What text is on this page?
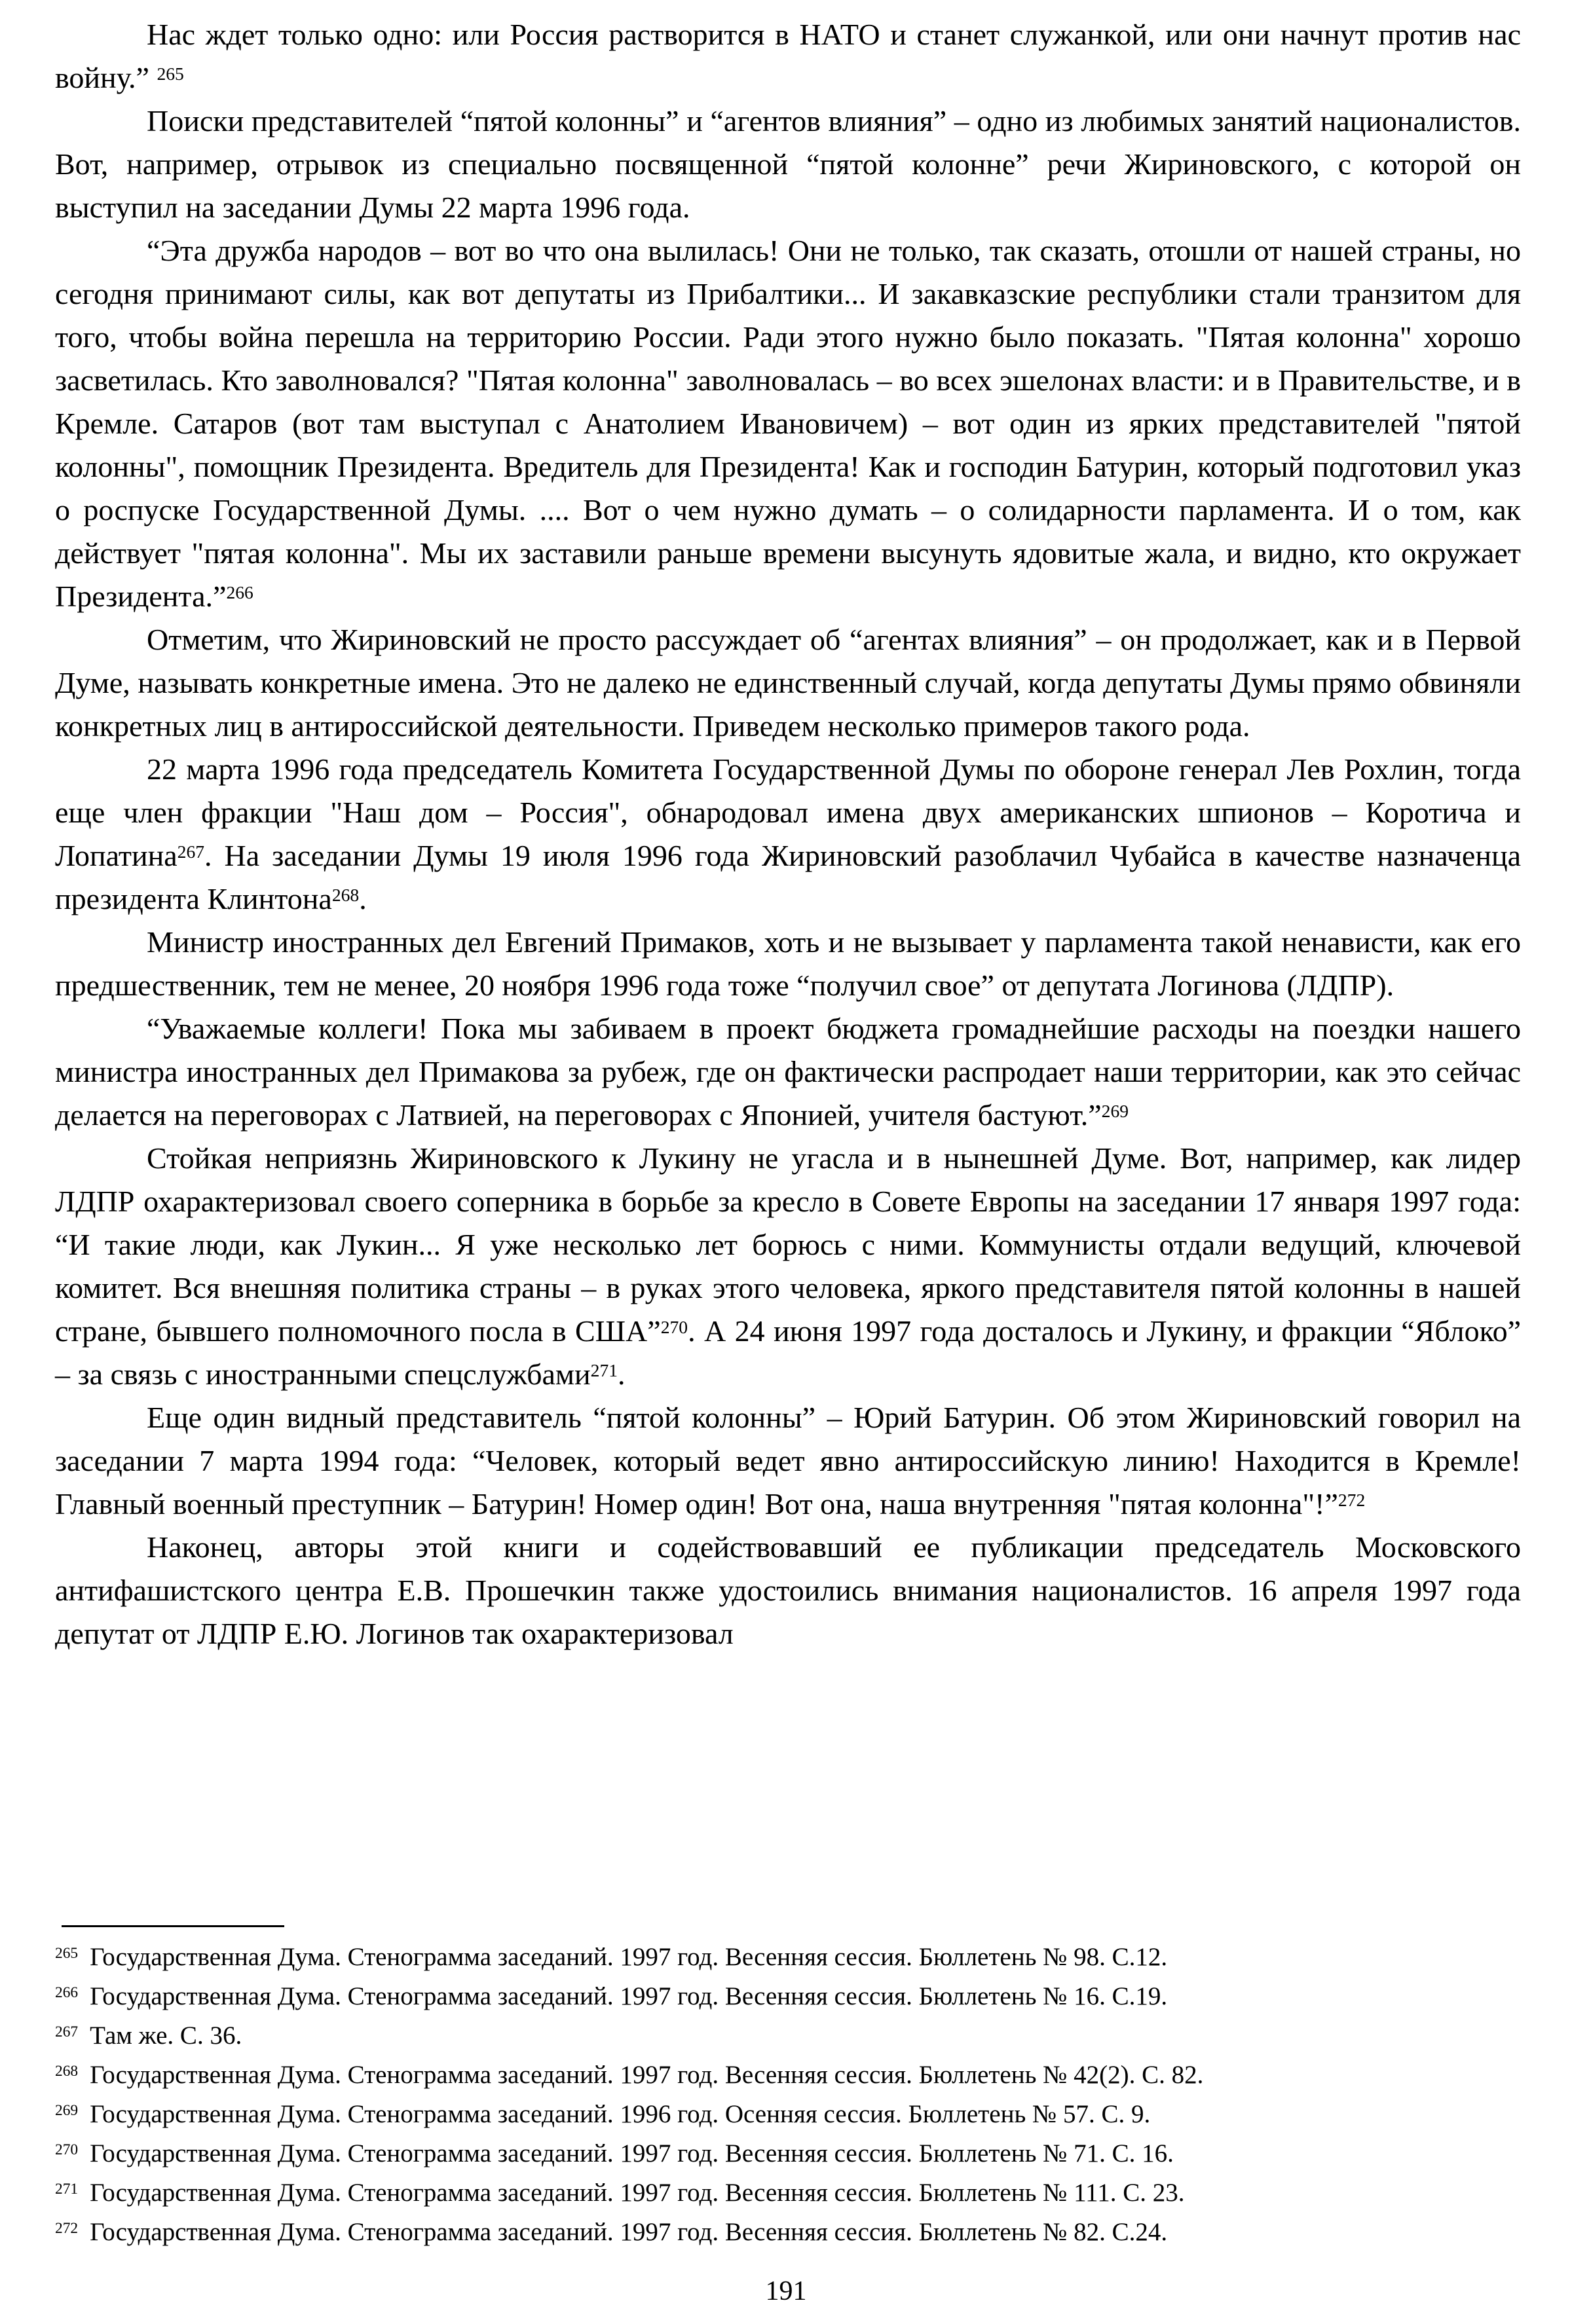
Нас ждет только одно: или Россия растворится в НАТО и станет служанкой, или они начнут против нас войну.” $^{265}$

Поиски представителей “пятой колонны” и “агентов влияния” – одно из любимых занятий националистов. Вот, например, отрывок из специально посвященной “пятой колонне” речи Жириновского, с которой он выступил на заседании Думы 22 марта 1996 года.

“Эта дружба народов – вот во что она вылилась! Они не только, так сказать, отошли от нашей страны, но сегодня принимают силы, как вот депутаты из Прибалтики... И закавказские республики стали транзитом для того, чтобы война перешла на территорию России. Ради этого нужно было показать. "Пятая колонна" хорошо засветилась. Кто заволновался? "Пятая колонна" заволновалась – во всех эшелонах власти: и в Правительстве, и в Кремле. Сатаров (вот там выступал с Анатолием Ивановичем) – вот один из ярких представителей "пятой колонны", помощник Президента. Вредитель для Президента! Как и господин Батурин, который подготовил указ о роспуске Государственной Думы. .... Вот о чем нужно думать – о солидарности парламента. И о том, как действует "пятая колонна". Мы их заставили раньше времени высунуть ядовитые жала, и видно, кто окружает Президента.”$^{266}$

Отметим, что Жириновский не просто рассуждает об “агентах влияния” – он продолжает, как и в Первой Думе, называть конкретные имена. Это не далеко не единственный случай, когда депутаты Думы прямо обвиняли конкретных лиц в антироссийской деятельности. Приведем несколько примеров такого рода.

22 марта 1996 года председатель Комитета Государственной Думы по обороне генерал Лев Рохлин, тогда еще член фракции "Наш дом – Россия", обнародовал имена двух американских шпионов – Коротича и Лопатина$^{267}$. На заседании Думы 19 июля 1996 года Жириновский разоблачил Чубайса в качестве назначенца президента Клинтона$^{268}$.

Министр иностранных дел Евгений Примаков, хоть и не вызывает у парламента такой ненависти, как его предшественник, тем не менее, 20 ноября 1996 года тоже “получил свое” от депутата Логинова (ЛДПР).

“Уважаемые коллеги! Пока мы забиваем в проект бюджета громаднейшие расходы на поездки нашего министра иностранных дел Примакова за рубеж, где он фактически распродает наши территории, как это сейчас делается на переговорах с Латвией, на переговорах с Японией, учителя бастуют.”$^{269}$

Стойкая неприязнь Жириновского к Лукину не угасла и в нынешней Думе. Вот, например, как лидер ЛДПР охарактеризовал своего соперника в борьбе за кресло в Совете Европы на заседании 17 января 1997 года: “И такие люди, как Лукин... Я уже несколько лет борюсь с ними. Коммунисты отдали ведущий, ключевой комитет. Вся внешняя политика страны – в руках этого человека, яркого представителя пятой колонны в нашей стране, бывшего полномочного посла в США”$^{270}$. А 24 июня 1997 года досталось и Лукину, и фракции “Яблоко” – за связь с иностранными спецслужбами$^{271}$.

Еще один видный представитель “пятой колонны” – Юрий Батурин. Об этом Жириновский говорил на заседании 7 марта 1994 года: “Человек, который ведет явно антироссийскую линию! Находится в Кремле! Главный военный преступник – Батурин! Номер один! Вот она, наша внутренняя "пятая колонна"!”$^{272}$

Наконец, авторы этой книги и содействовавший ее публикации председатель Московского антифашистского центра Е.В. Прошечкин также удостоились внимания националистов. 16 апреля 1997 года депутат от ЛДПР Е.Ю. Логинов так охарактеризовал

$^{265}$ Государственная Дума. Стенограмма заседаний. 1997 год. Весенняя сессия. Бюллетень № 98. С.12.
$^{266}$ Государственная Дума. Стенограмма заседаний. 1997 год. Весенняя сессия. Бюллетень № 16. С.19.
$^{267}$ Там же. С. 36.
$^{268}$ Государственная Дума. Стенограмма заседаний. 1997 год. Весенняя сессия. Бюллетень № 42(2). С. 82.
$^{269}$ Государственная Дума. Стенограмма заседаний. 1996 год. Осенняя сессия. Бюллетень № 57. С. 9.
$^{270}$ Государственная Дума. Стенограмма заседаний. 1997 год. Весенняя сессия. Бюллетень № 71. С. 16.
$^{271}$ Государственная Дума. Стенограмма заседаний. 1997 год. Весенняя сессия. Бюллетень № 111. С. 23.
$^{272}$ Государственная Дума. Стенограмма заседаний. 1997 год. Весенняя сессия. Бюллетень № 82. С.24.
191
